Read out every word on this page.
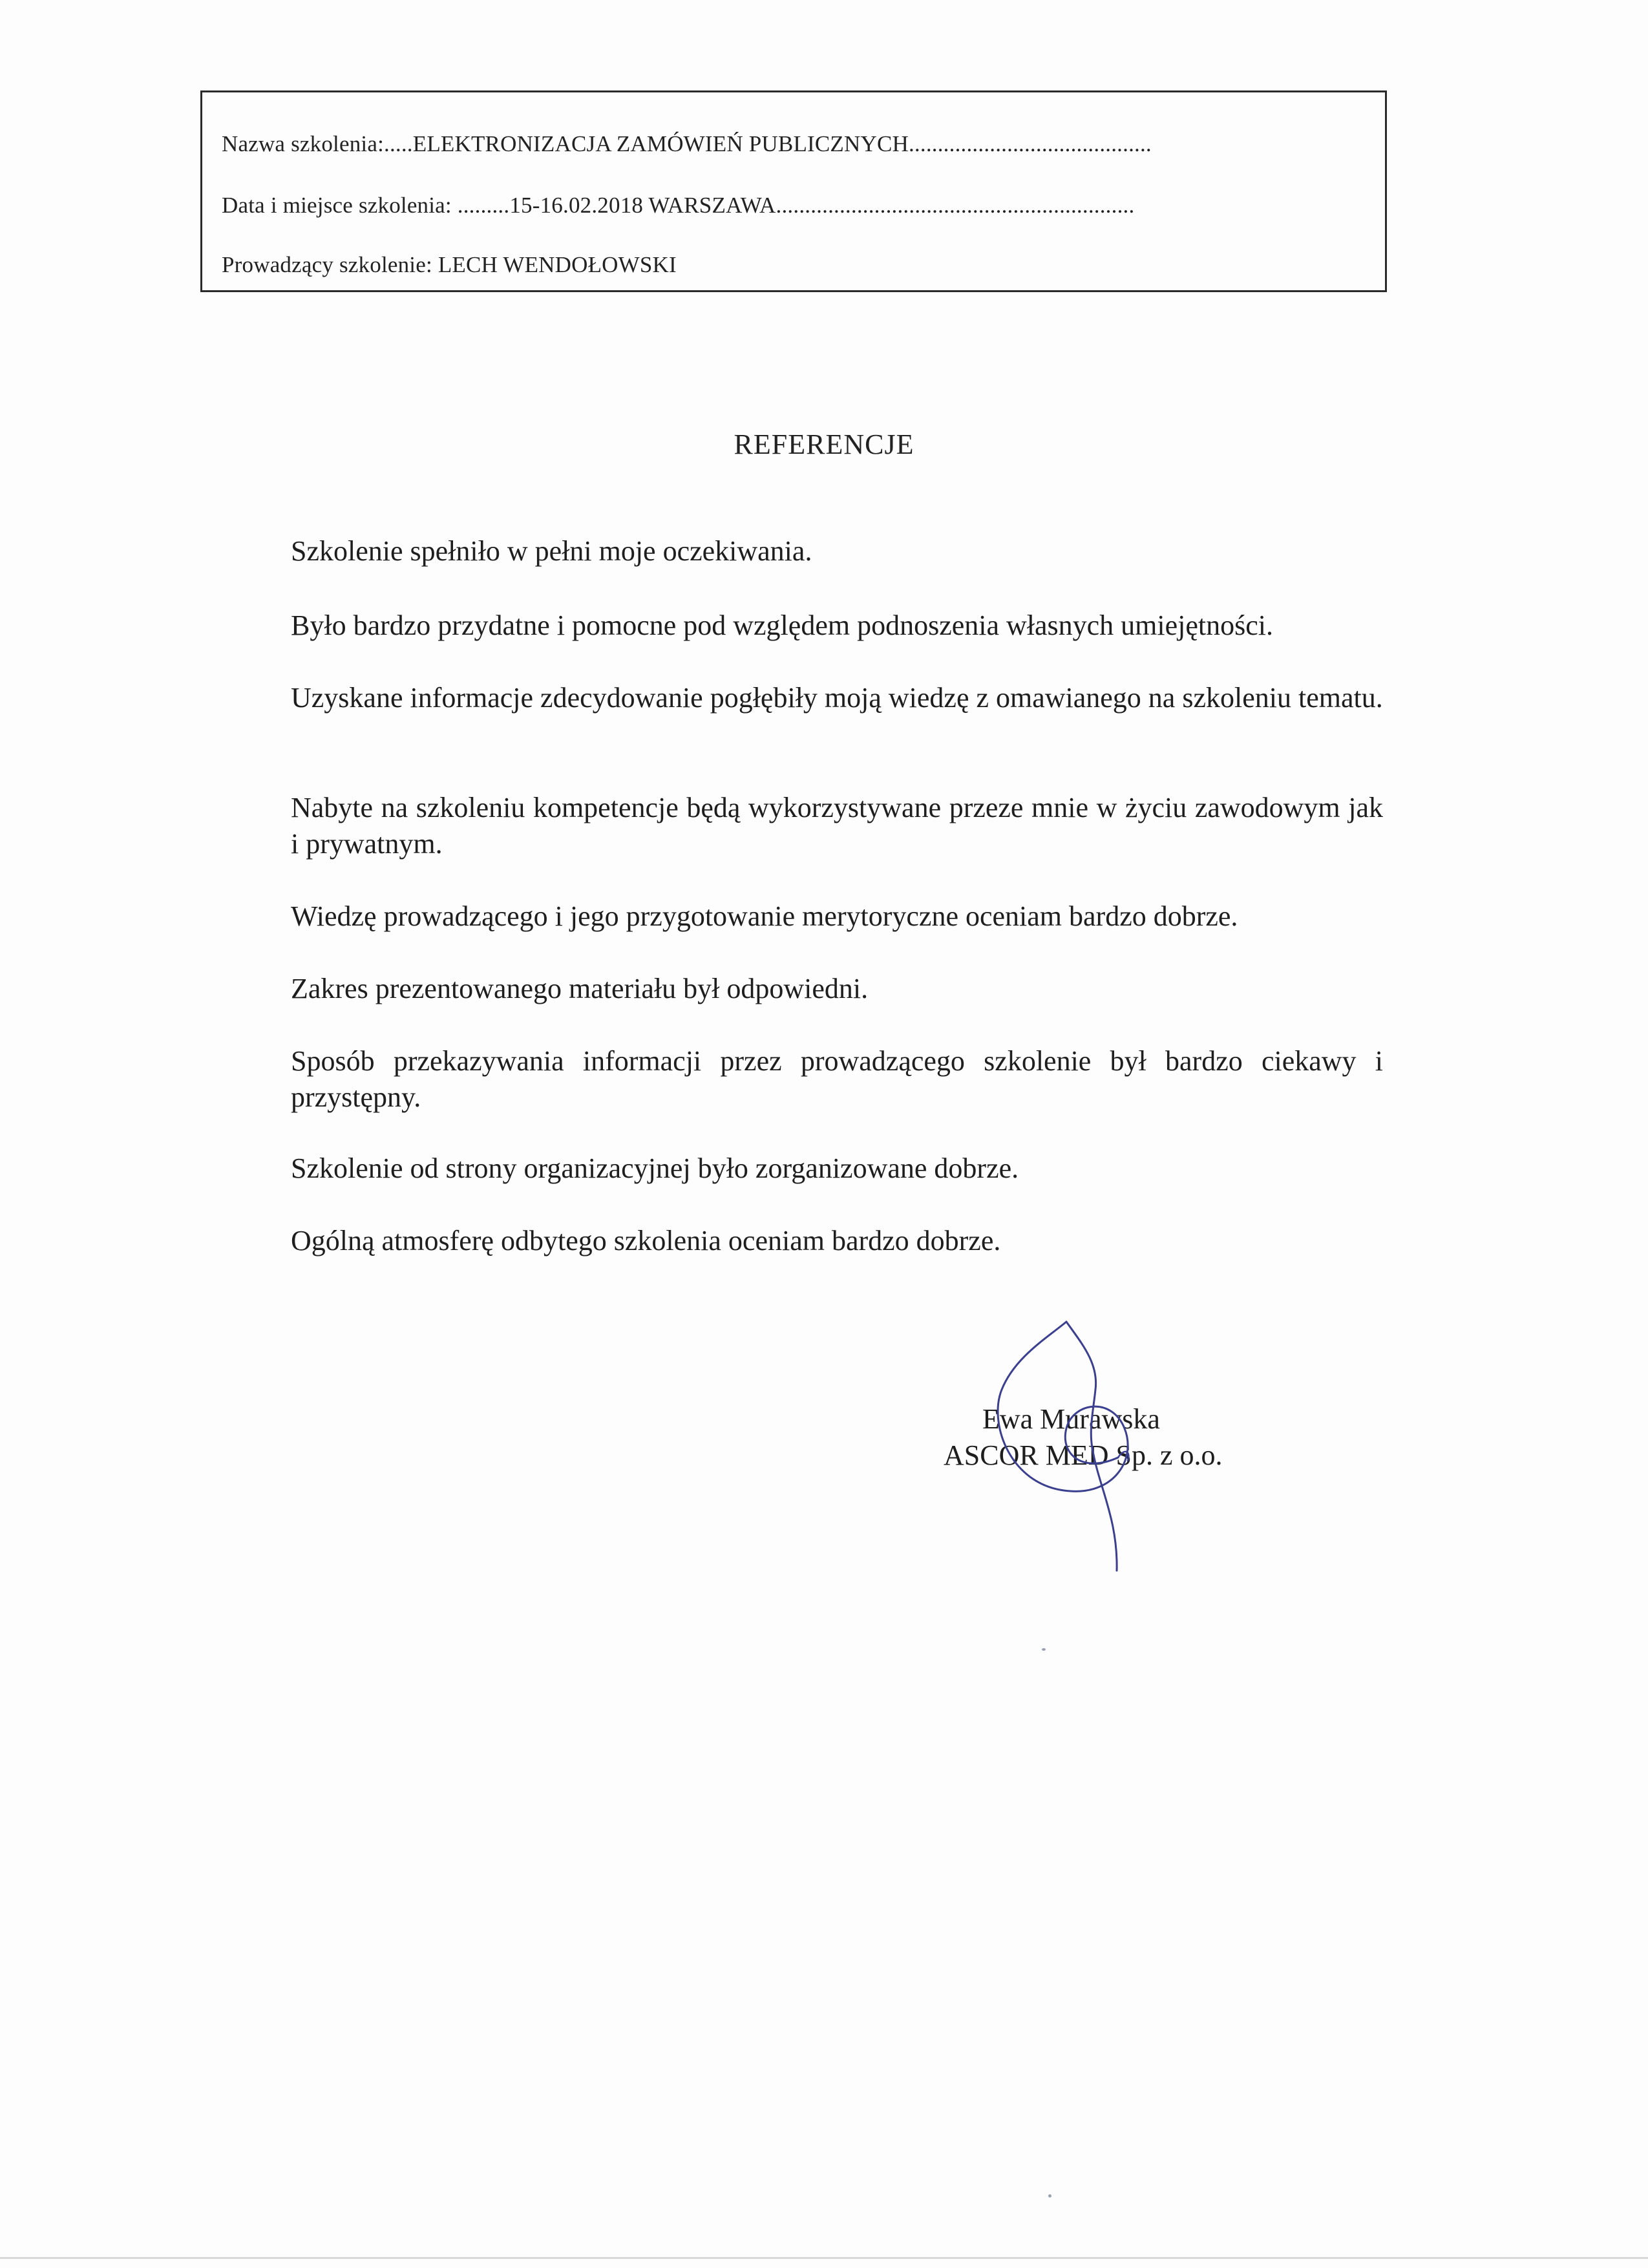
Nazwa szkolenia:.....ELEKTRONIZACJA ZAMÓWIEŃ PUBLICZNYCH..........................................
Data i miejsce szkolenia: .........15-16.02.2018 WARSZAWA..............................................................
Prowadzący szkolenie: LECH WENDOŁOWSKI
REFERENCJE

Szkolenie spełniło w pełni moje oczekiwania.

Było bardzo przydatne i pomocne pod względem podnoszenia własnych umiejętności.

Uzyskane informacje zdecydowanie pogłębiły moją wiedzę z omawianego na szkoleniu tematu.

Nabyte na szkoleniu kompetencje będą wykorzystywane przeze mnie w życiu zawodowym jak i prywatnym.

Wiedzę prowadzącego i jego przygotowanie merytoryczne oceniam bardzo dobrze.

Zakres prezentowanego materiału był odpowiedni.

Sposób przekazywania informacji przez prowadzącego szkolenie był bardzo ciekawy i przystępny.

Szkolenie od strony organizacyjnej było zorganizowane dobrze.

Ogólną atmosferę odbytego szkolenia oceniam bardzo dobrze.

Ewa Murawska
ASCOR MED Sp. z o.o.
